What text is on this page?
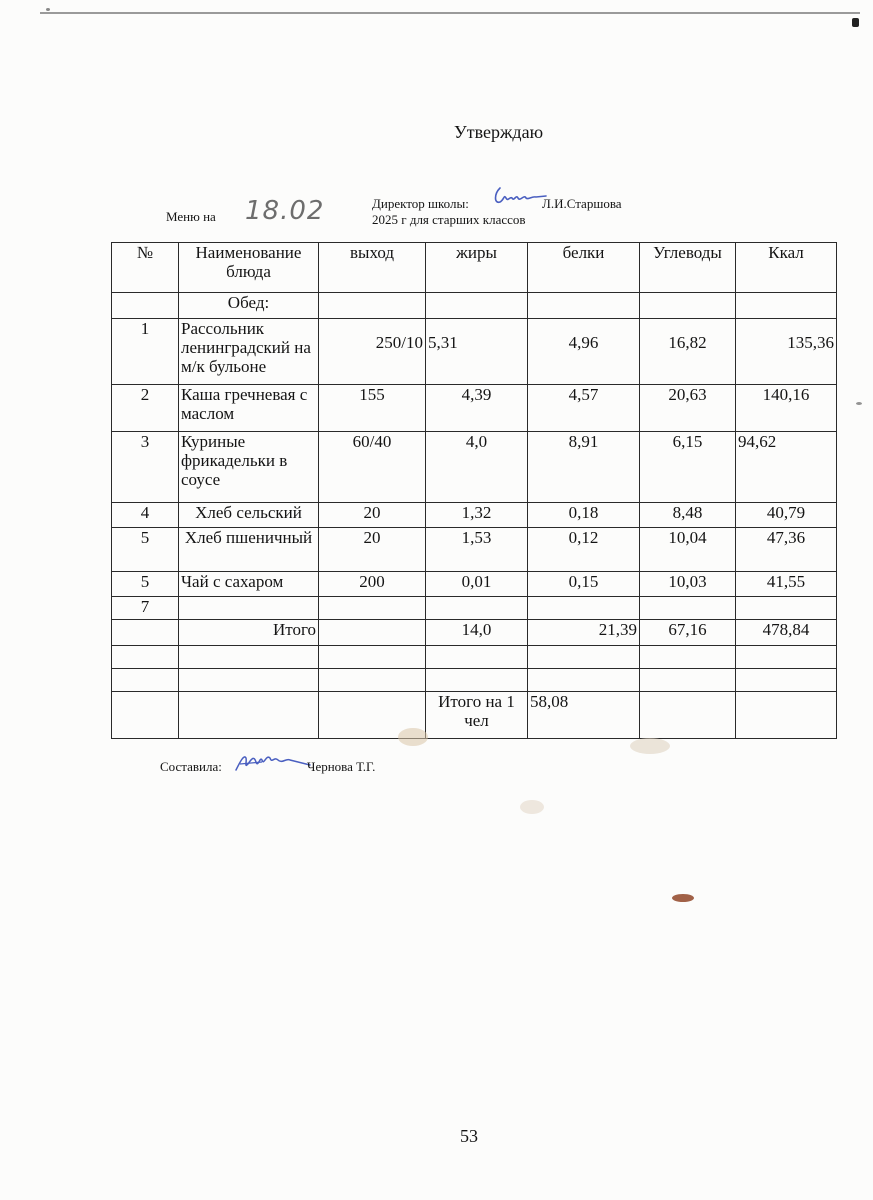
Утверждаю
Меню на 18.02	Директор школы:	Л.И.Старшова
2025 г для старших классов
№	Наименование блюда	выход	жиры	белки	Углеводы	Ккал
	Обед:					
1	Рассольник ленинградский на м/к бульоне	250/10	5,31	4,96	16,82	135,36
2	Каша гречневая с маслом	155	4,39	4,57	20,63	140,16
3	Куриные фрикадельки в соусе	60/40	4,0	8,91	6,15	94,62
4	Хлеб сельский	20	1,32	0,18	8,48	40,79
5	Хлеб пшеничный	20	1,53	0,12	10,04	47,36
5	Чай с сахаром	200	0,01	0,15	10,03	41,55
7						
	Итого		14,0	21,39	67,16	478,84

			Итого на 1 чел	58,08		
Составила:	Чернова Т.Г.
53
